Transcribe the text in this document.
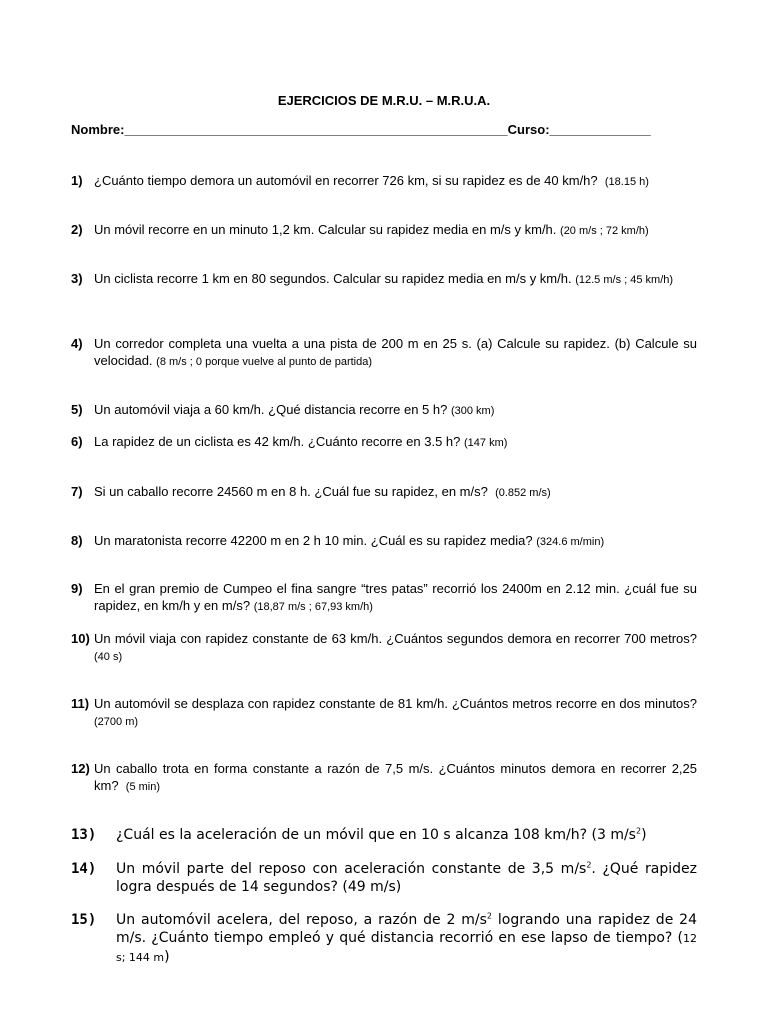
EJERCICIOS DE M.R.U. – M.R.U.A.
Nombre:_____________________________________________________Curso:______________
1) ¿Cuánto tiempo demora un automóvil en recorrer 726 km, si su rapidez es de 40 km/h? (18.15 h)
2) Un móvil recorre en un minuto 1,2 km. Calcular su rapidez media en m/s y km/h. (20 m/s ; 72 km/h)
3) Un ciclista recorre 1 km en 80 segundos. Calcular su rapidez media en m/s y km/h. (12.5 m/s ; 45 km/h)
4) Un corredor completa una vuelta a una pista de 200 m en 25 s. (a) Calcule su rapidez. (b) Calcule su velocidad. (8 m/s ; 0 porque vuelve al punto de partida)
5) Un automóvil viaja a 60 km/h. ¿Qué distancia recorre en 5 h? (300 km)
6) La rapidez de un ciclista es 42 km/h. ¿Cuánto recorre en 3.5 h? (147 km)
7) Si un caballo recorre 24560 m en 8 h. ¿Cuál fue su rapidez, en m/s? (0.852 m/s)
8) Un maratonista recorre 42200 m en 2 h 10 min. ¿Cuál es su rapidez media? (324.6 m/min)
9) En el gran premio de Cumpeo el fina sangre “tres patas” recorrió los 2400m en 2.12 min. ¿cuál fue su rapidez, en km/h y en m/s? (18,87 m/s ; 67,93 km/h)
10) Un móvil viaja con rapidez constante de 63 km/h. ¿Cuántos segundos demora en recorrer 700 metros? (40 s)
11) Un automóvil se desplaza con rapidez constante de 81 km/h. ¿Cuántos metros recorre en dos minutos? (2700 m)
12) Un caballo trota en forma constante a razón de 7,5 m/s. ¿Cuántos minutos demora en recorrer 2,25 km? (5 min)
13) ¿Cuál es la aceleración de un móvil que en 10 s alcanza 108 km/h? (3 $m/s^2$)
14) Un móvil parte del reposo con aceleración constante de 3,5 $m/s^2$. ¿Qué rapidez logra después de 14 segundos? (49 m/s)
15) Un automóvil acelera, del reposo, a razón de 2 $m/s^2$ logrando una rapidez de 24 m/s. ¿Cuánto tiempo empleó y qué distancia recorrió en ese lapso de tiempo? (12 s; 144 m)
